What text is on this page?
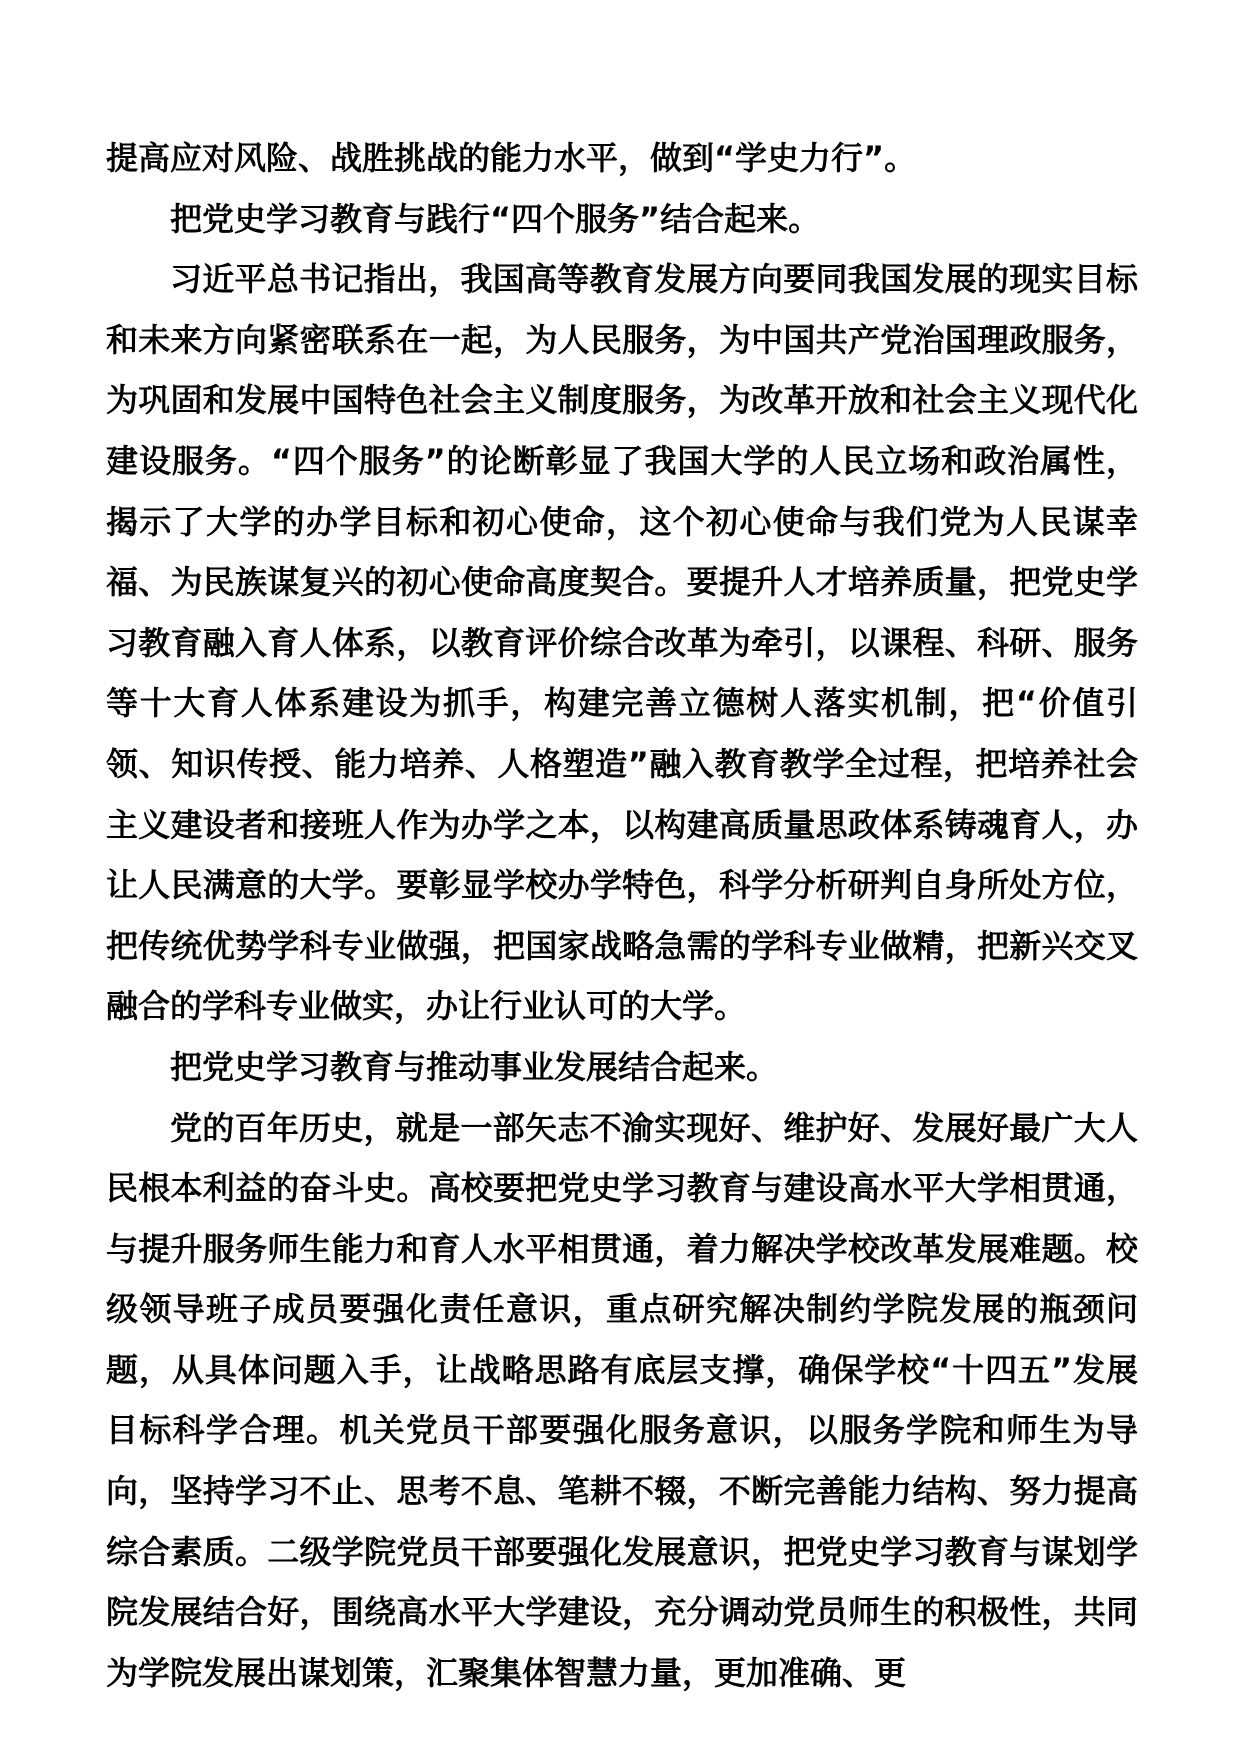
提高应对风险、战胜挑战的能力水平，做到“学史力行”。

把党史学习教育与践行“四个服务”结合起来。

习近平总书记指出，我国高等教育发展方向要同我国发展的现实目标和未来方向紧密联系在一起，为人民服务，为中国共产党治国理政服务，为巩固和发展中国特色社会主义制度服务，为改革开放和社会主义现代化建设服务。“四个服务”的论断彰显了我国大学的人民立场和政治属性，揭示了大学的办学目标和初心使命，这个初心使命与我们党为人民谋幸福、为民族谋复兴的初心使命高度契合。要提升人才培养质量，把党史学习教育融入育人体系，以教育评价综合改革为牵引，以课程、科研、服务等十大育人体系建设为抓手，构建完善立德树人落实机制，把“价值引领、知识传授、能力培养、人格塑造”融入教育教学全过程，把培养社会主义建设者和接班人作为办学之本，以构建高质量思政体系铸魂育人，办让人民满意的大学。要彰显学校办学特色，科学分析研判自身所处方位，把传统优势学科专业做强，把国家战略急需的学科专业做精，把新兴交叉融合的学科专业做实，办让行业认可的大学。

把党史学习教育与推动事业发展结合起来。

党的百年历史，就是一部矢志不渝实现好、维护好、发展好最广大人民根本利益的奋斗史。高校要把党史学习教育与建设高水平大学相贯通，与提升服务师生能力和育人水平相贯通，着力解决学校改革发展难题。校级领导班子成员要强化责任意识，重点研究解决制约学院发展的瓶颈问题，从具体问题入手，让战略思路有底层支撑，确保学校“十四五”发展目标科学合理。机关党员干部要强化服务意识，以服务学院和师生为导向，坚持学习不止、思考不息、笔耕不辍，不断完善能力结构、努力提高综合素质。二级学院党员干部要强化发展意识，把党史学习教育与谋划学院发展结合好，围绕高水平大学建设，充分调动党员师生的积极性，共同为学院发展出谋划策，汇聚集体智慧力量，更加准确、更
